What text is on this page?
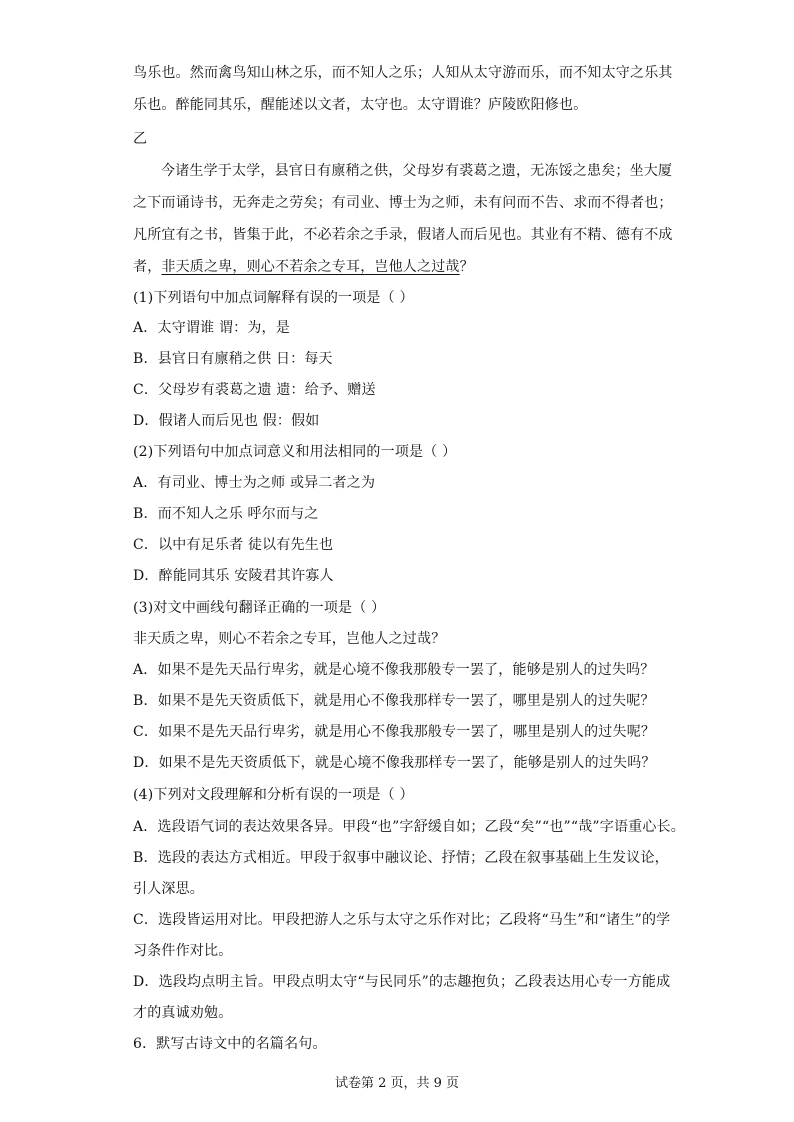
鸟乐也。然而禽鸟知山林之乐，而不知人之乐；人知从太守游而乐，而不知太守之乐其
乐也。醉能同其乐，醒能述以文者，太守也。太守谓谁？庐陵欧阳修也。
乙
今诸生学于太学，县官日有廪稍之供，父母岁有裘葛之遗，无冻馁之患矣；坐大厦
之下而诵诗书，无奔走之劳矣；有司业、博士为之师，未有问而不告、求而不得者也；
凡所宜有之书，皆集于此，不必若余之手录，假诸人而后见也。其业有不精、德有不成
者，非天质之卑，则心不若余之专耳，岂他人之过哉？
(1)下列语句中加点词解释有误的一项是（ ）
A．太守谓谁 谓：为，是
B．县官日有廪稍之供 日：每天
C．父母岁有裘葛之遗 遗：给予、赠送
D．假诸人而后见也 假：假如
(2)下列语句中加点词意义和用法相同的一项是（ ）
A．有司业、博士为之师 或异二者之为
B．而不知人之乐 呼尔而与之
C．以中有足乐者 徒以有先生也
D．醉能同其乐 安陵君其许寡人
(3)对文中画线句翻译正确的一项是（ ）
非天质之卑，则心不若余之专耳，岂他人之过哉？
A．如果不是先天品行卑劣，就是心境不像我那般专一罢了，能够是别人的过失吗？
B．如果不是先天资质低下，就是用心不像我那样专一罢了，哪里是别人的过失呢？
C．如果不是先天品行卑劣，就是用心不像我那般专一罢了，哪里是别人的过失呢？
D．如果不是先天资质低下，就是心境不像我那样专一罢了，能够是别人的过失吗？
(4)下列对文段理解和分析有误的一项是（ ）
A．选段语气词的表达效果各异。甲段“也”字舒缓自如；乙段“矣”“也”“哉”字语重心长。
B．选段的表达方式相近。甲段于叙事中融议论、抒情；乙段在叙事基础上生发议论，
引人深思。
C．选段皆运用对比。甲段把游人之乐与太守之乐作对比；乙段将“马生”和“诸生”的学
习条件作对比。
D．选段均点明主旨。甲段点明太守“与民同乐”的志趣抱负；乙段表达用心专一方能成
才的真诚劝勉。
6．默写古诗文中的名篇名句。
试卷第 2 页，共 9 页
